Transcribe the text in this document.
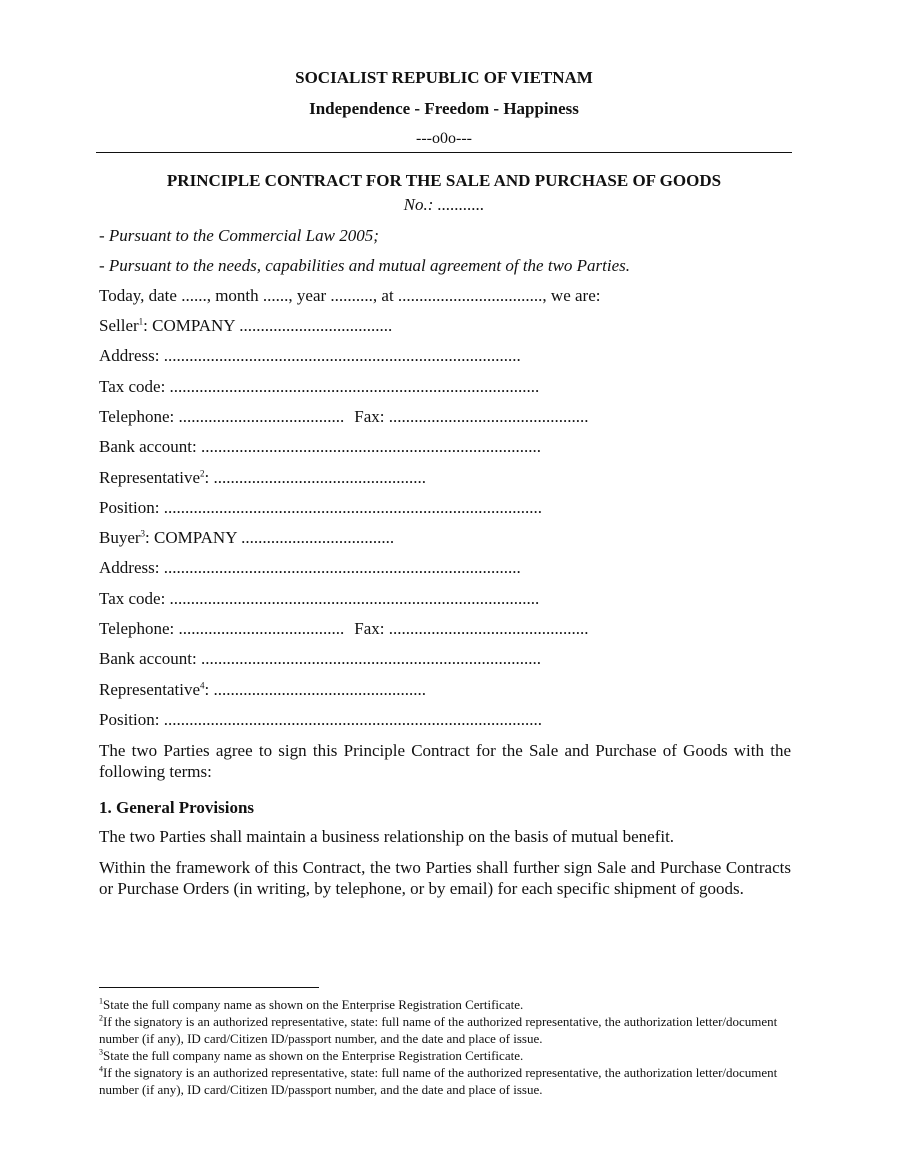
SOCIALIST REPUBLIC OF VIETNAM
Independence - Freedom - Happiness
---o0o---
PRINCIPLE CONTRACT FOR THE SALE AND PURCHASE OF GOODS
No.: ...........
- Pursuant to the Commercial Law 2005;
- Pursuant to the needs, capabilities and mutual agreement of the two Parties.
Today, date ......, month ......, year .........., at .................................., we are:
Seller$^1$: COMPANY ....................................
Address: ....................................................................................
Tax code: .......................................................................................
Telephone: ....................................... Fax: ...............................................
Bank account: ................................................................................
Representative$^2$: ..................................................
Position: .........................................................................................
Buyer$^3$: COMPANY ....................................
Address: ....................................................................................
Tax code: .......................................................................................
Telephone: ....................................... Fax: ...............................................
Bank account: ................................................................................
Representative$^4$: ..................................................
Position: .........................................................................................
The two Parties agree to sign this Principle Contract for the Sale and Purchase of Goods with the following terms:
1. General Provisions
The two Parties shall maintain a business relationship on the basis of mutual benefit.
Within the framework of this Contract, the two Parties shall further sign Sale and Purchase Contracts or Purchase Orders (in writing, by telephone, or by email) for each specific shipment of goods.

$^1$State the full company name as shown on the Enterprise Registration Certificate.

$^2$If the signatory is an authorized representative, state: full name of the authorized representative, the authorization letter/document number (if any), ID card/Citizen ID/passport number, and the date and place of issue.

$^3$State the full company name as shown on the Enterprise Registration Certificate.

$^4$If the signatory is an authorized representative, state: full name of the authorized representative, the authorization letter/document number (if any), ID card/Citizen ID/passport number, and the date and place of issue.
